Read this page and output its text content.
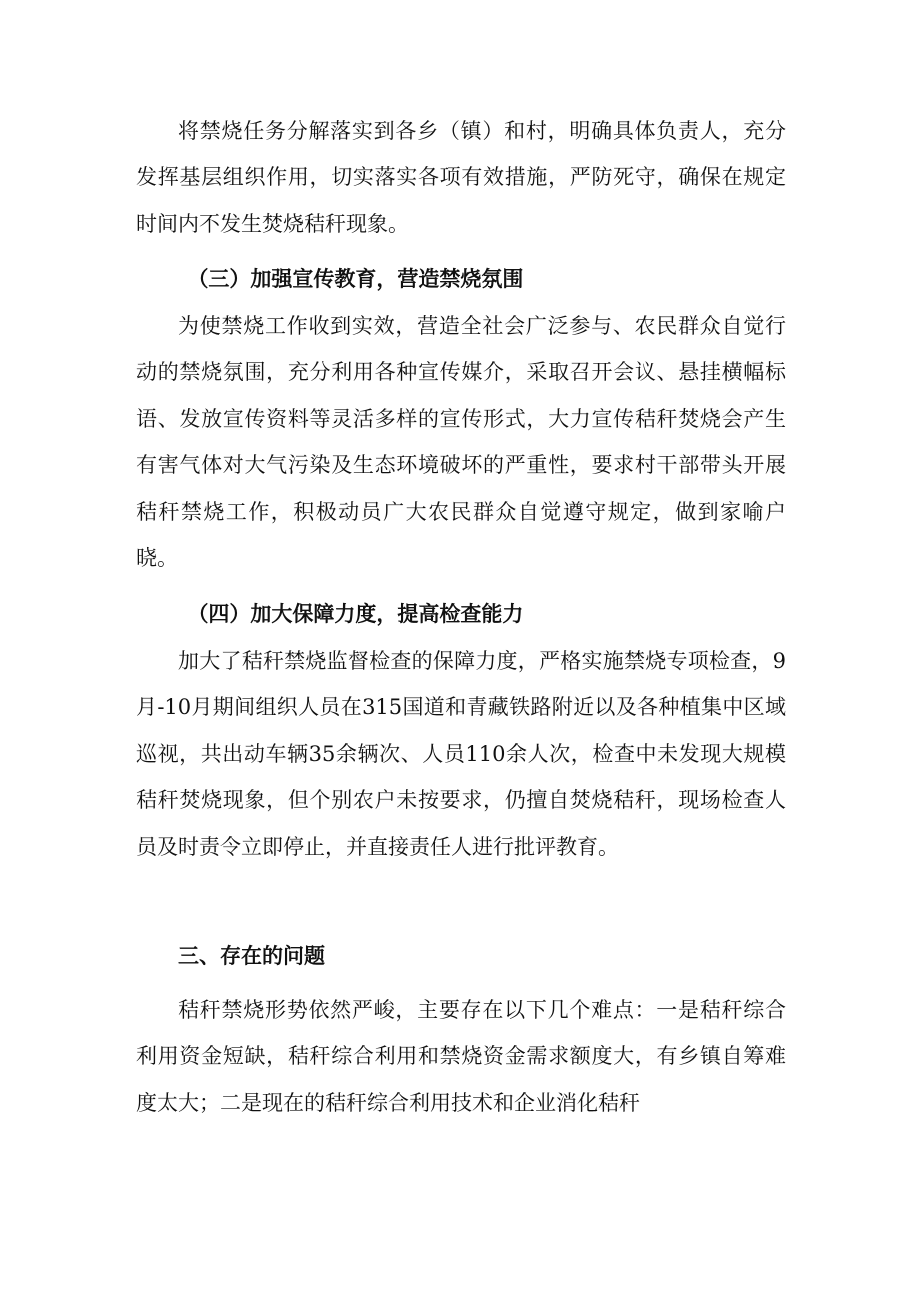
将禁烧任务分解落实到各乡（镇）和村，明确具体负责人，充分发挥基层组织作用，切实落实各项有效措施，严防死守，确保在规定时间内不发生焚烧秸秆现象。

（三）加强宣传教育，营造禁烧氛围

为使禁烧工作收到实效，营造全社会广泛参与、农民群众自觉行动的禁烧氛围，充分利用各种宣传媒介，采取召开会议、悬挂横幅标语、发放宣传资料等灵活多样的宣传形式，大力宣传秸秆焚烧会产生有害气体对大气污染及生态环境破坏的严重性，要求村干部带头开展秸秆禁烧工作，积极动员广大农民群众自觉遵守规定，做到家喻户晓。

（四）加大保障力度，提高检查能力

加大了秸秆禁烧监督检查的保障力度，严格实施禁烧专项检查，9月-10月期间组织人员在315国道和青藏铁路附近以及各种植集中区域巡视，共出动车辆35余辆次、人员110余人次，检查中未发现大规模秸秆焚烧现象，但个别农户未按要求，仍擅自焚烧秸秆，现场检查人员及时责令立即停止，并直接责任人进行批评教育。

三、存在的问题

秸秆禁烧形势依然严峻，主要存在以下几个难点：一是秸秆综合利用资金短缺，秸秆综合利用和禁烧资金需求额度大，有乡镇自筹难度太大；二是现在的秸秆综合利用技术和企业消化秸秆
